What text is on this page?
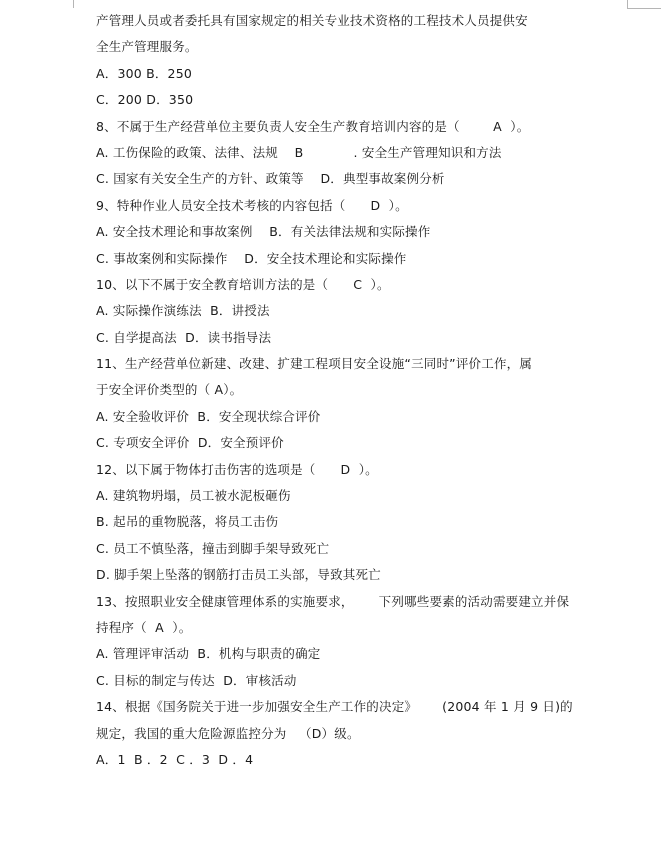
产管理人员或者委托具有国家规定的相关专业技术资格的工程技术人员提供安
全生产管理服务。
A．300 B．250
C．200 D．350
8、不属于生产经营单位主要负责人安全生产教育培训内容的是（        A  ）。
A. 工伤保险的政策、法律、法规    B            . 安全生产管理知识和方法
C. 国家有关安全生产的方针、政策等    D．典型事故案例分析
9、特种作业人员安全技术考核的内容包括（      D  ）。
A. 安全技术理论和事故案例    B．有关法律法规和实际操作
C. 事故案例和实际操作    D．安全技术理论和实际操作
10、以下不属于安全教育培训方法的是（      C  ）。
A. 实际操作演练法  B．讲授法
C. 自学提高法  D．读书指导法
11、生产经营单位新建、改建、扩建工程项目安全设施“三同时”评价工作，属
于安全评价类型的（ A）。
A. 安全验收评价  B．安全现状综合评价
C. 专项安全评价  D．安全预评价
12、以下属于物体打击伤害的选项是（      D  ）。
A. 建筑物坍塌，员工被水泥板砸伤
B. 起吊的重物脱落，将员工击伤
C. 员工不慎坠落，撞击到脚手架导致死亡
D. 脚手架上坠落的钢筋打击员工头部，导致其死亡
13、按照职业安全健康管理体系的实施要求，      下列哪些要素的活动需要建立并保
持程序（  A  ）。
A. 管理评审活动  B．机构与职责的确定
C. 目标的制定与传达  D．审核活动
14、根据《国务院关于进一步加强安全生产工作的决定》      (2004 年 1 月 9 日)的
规定，我国的重大危险源监控分为   （D）级。
A．1  B ．2  C ．3  D ．4
